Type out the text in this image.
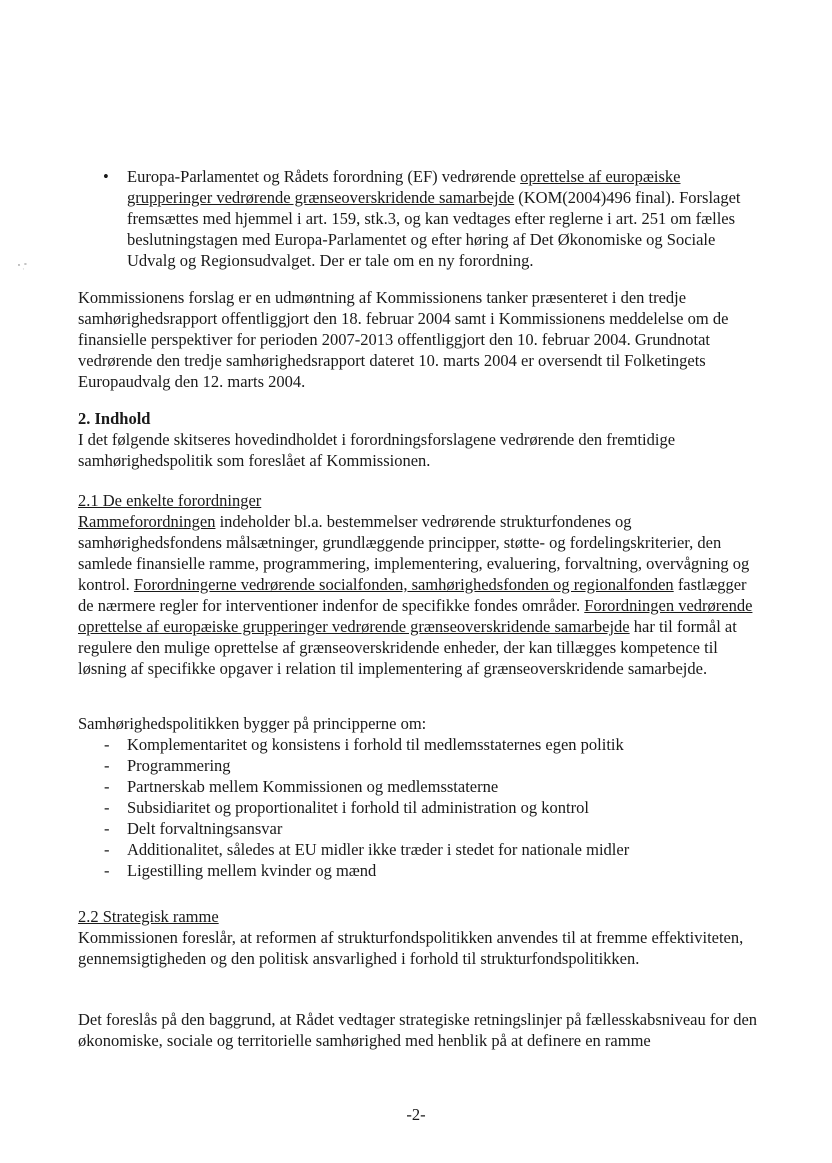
ⁿ ˌ˭
• Europa-Parlamentet og Rådets forordning (EF) vedrørende oprettelse af europæiske grupperinger vedrørende grænseoverskridende samarbejde (KOM(2004)496 final). Forslaget fremsættes med hjemmel i art. 159, stk.3, og kan vedtages efter reglerne i art. 251 om fælles beslutningstagen med Europa-Parlamentet og efter høring af Det Økonomiske og Sociale Udvalg og Regionsudvalget. Der er tale om en ny forordning.
Kommissionens forslag er en udmøntning af Kommissionens tanker præsenteret i den tredje samhørighedsrapport offentliggjort den 18. februar 2004 samt i Kommissionens meddelelse om de finansielle perspektiver for perioden 2007-2013 offentliggjort den 10. februar 2004. Grundnotat vedrørende den tredje samhørighedsrapport dateret 10. marts 2004 er oversendt til Folketingets Europaudvalg den 12. marts 2004.
2. Indhold
I det følgende skitseres hovedindholdet i forordningsforslagene vedrørende den fremtidige samhørighedspolitik som foreslået af Kommissionen.
2.1 De enkelte forordninger
Rammeforordningen indeholder bl.a. bestemmelser vedrørende strukturfondenes og samhørighedsfondens målsætninger, grundlæggende principper, støtte- og fordelingskriterier, den samlede finansielle ramme, programmering, implementering, evaluering, forvaltning, overvågning og kontrol. Forordningerne vedrørende socialfonden, samhørighedsfonden og regionalfonden fastlægger de nærmere regler for interventioner indenfor de specifikke fondes områder. Forordningen vedrørende oprettelse af europæiske grupperinger vedrørende grænseoverskridende samarbejde har til formål at regulere den mulige oprettelse af grænseoverskridende enheder, der kan tillægges kompetence til løsning af specifikke opgaver i relation til implementering af grænseoverskridende samarbejde.
Samhørighedspolitikken bygger på principperne om:
- Komplementaritet og konsistens i forhold til medlemsstaternes egen politik
- Programmering
- Partnerskab mellem Kommissionen og medlemsstaterne
- Subsidiaritet og proportionalitet i forhold til administration og kontrol
- Delt forvaltningsansvar
- Additionalitet, således at EU midler ikke træder i stedet for nationale midler
- Ligestilling mellem kvinder og mænd
2.2 Strategisk ramme
Kommissionen foreslår, at reformen af strukturfondspolitikken anvendes til at fremme effektiviteten, gennemsigtigheden og den politisk ansvarlighed i forhold til strukturfondspolitikken.
Det foreslås på den baggrund, at Rådet vedtager strategiske retningslinjer på fællesskabsniveau for den økonomiske, sociale og territorielle samhørighed med henblik på at definere en ramme
-2-
